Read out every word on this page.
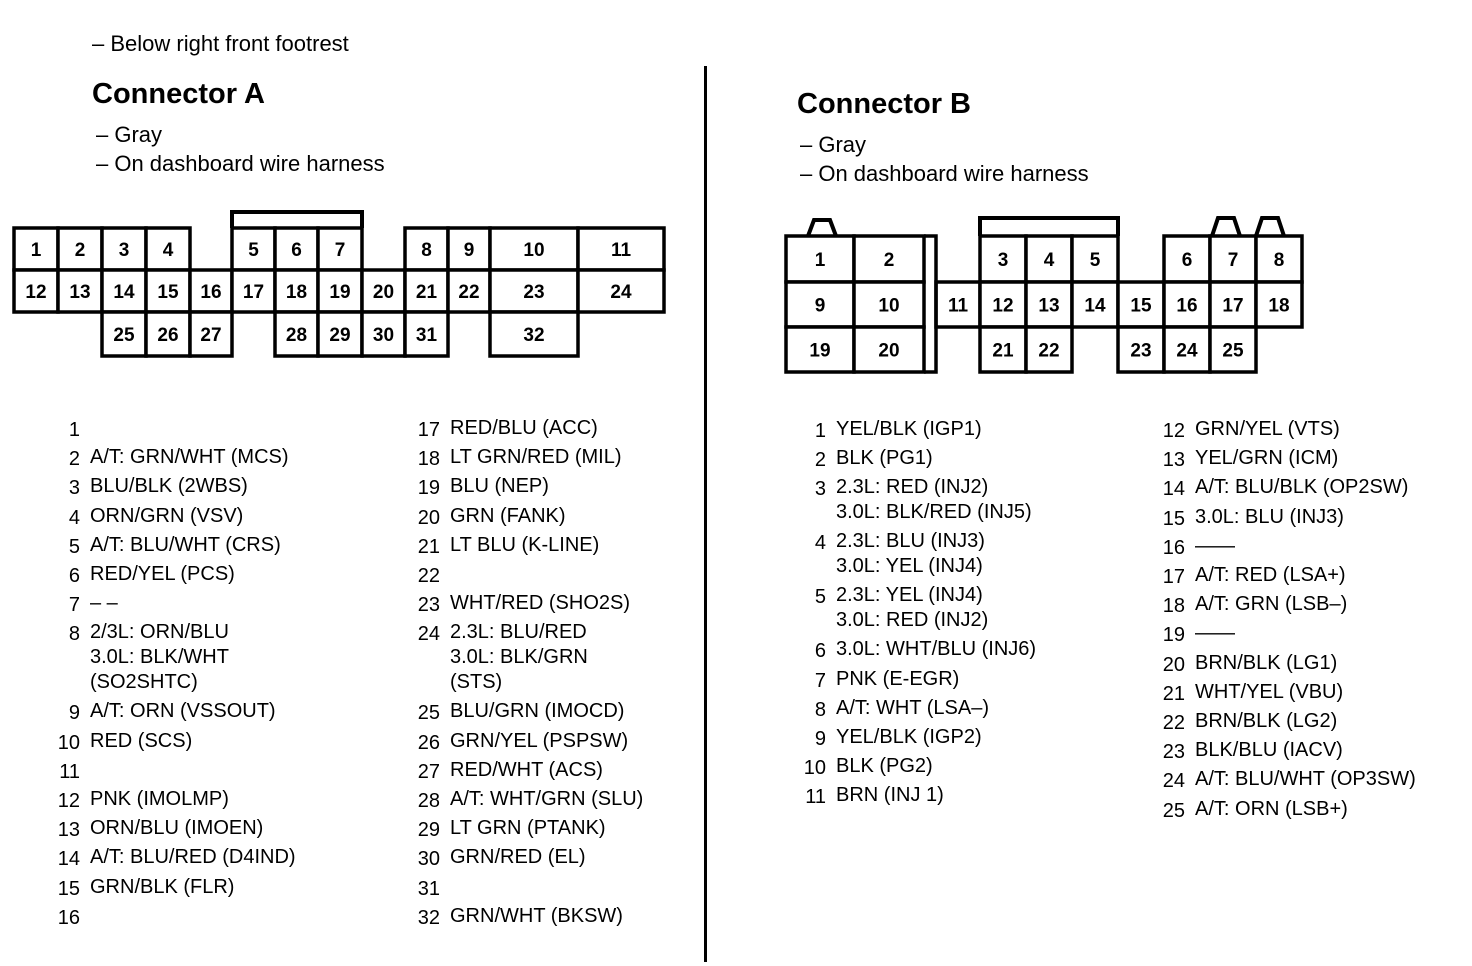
– Below right front footrest
Connector A
– Gray
– On dashboard wire harness
Connector B
– Gray
– On dashboard wire harness
1 2 3 4	5 6 7	8 9	10	11
12 13 14 15 16 17 18 19 20 21 22 23	24
25 26 27	28 29 30 31	32
1	2	3 4 5	6 7 8
9	10	11 12 13 14 15 16 17 18
19	20	21 22	23 24 25
1

2 A/T: GRN/WHT (MCS)
3 BLU/BLK (2WBS)
4 ORN/GRN (VSV)
5 A/T: BLU/WHT (CRS)
6 RED/YEL (PCS)
7 – –
8 2/3L: ORN/BLU
3.0L: BLK/WHT
(SO2SHTC)
9 A/T: ORN (VSSOUT)
10 RED (SCS)
11

12 PNK (IMOLMP)
13 ORN/BLU (IMOEN)
14 A/T: BLU/RED (D4IND)
15 GRN/BLK (FLR)
16

17 RED/BLU (ACC)
18 LT GRN/RED (MIL)
19 BLU (NEP)
20 GRN (FANK)
21 LT BLU (K-LINE)
22

23 WHT/RED (SHO2S)
24 2.3L: BLU/RED
3.0L: BLK/GRN
(STS)
25 BLU/GRN (IMOCD)
26 GRN/YEL (PSPSW)
27 RED/WHT (ACS)
28 A/T: WHT/GRN (SLU)
29 LT GRN (PTANK)
30 GRN/RED (EL)
31

32 GRN/WHT (BKSW)
1 YEL/BLK (IGP1)
2 BLK (PG1)
3 2.3L: RED (INJ2)
3.0L: BLK/RED (INJ5)
4 2.3L: BLU (INJ3)
3.0L: YEL (INJ4)
5 2.3L: YEL (INJ4)
3.0L: RED (INJ2)
6 3.0L: WHT/BLU (INJ6)
7 PNK (E-EGR)
8 A/T: WHT (LSA–)
9 YEL/BLK (IGP2)
10 BLK (PG2)
11 BRN (INJ 1)
12 GRN/YEL (VTS)
13 YEL/GRN (ICM)
14 A/T: BLU/BLK (OP2SW)
15 3.0L: BLU (INJ3)
16 ——
17 A/T: RED (LSA+)
18 A/T: GRN (LSB–)
19 ——
20 BRN/BLK (LG1)
21 WHT/YEL (VBU)
22 BRN/BLK (LG2)
23 BLK/BLU (IACV)
24 A/T: BLU/WHT (OP3SW)
25 A/T: ORN (LSB+)
